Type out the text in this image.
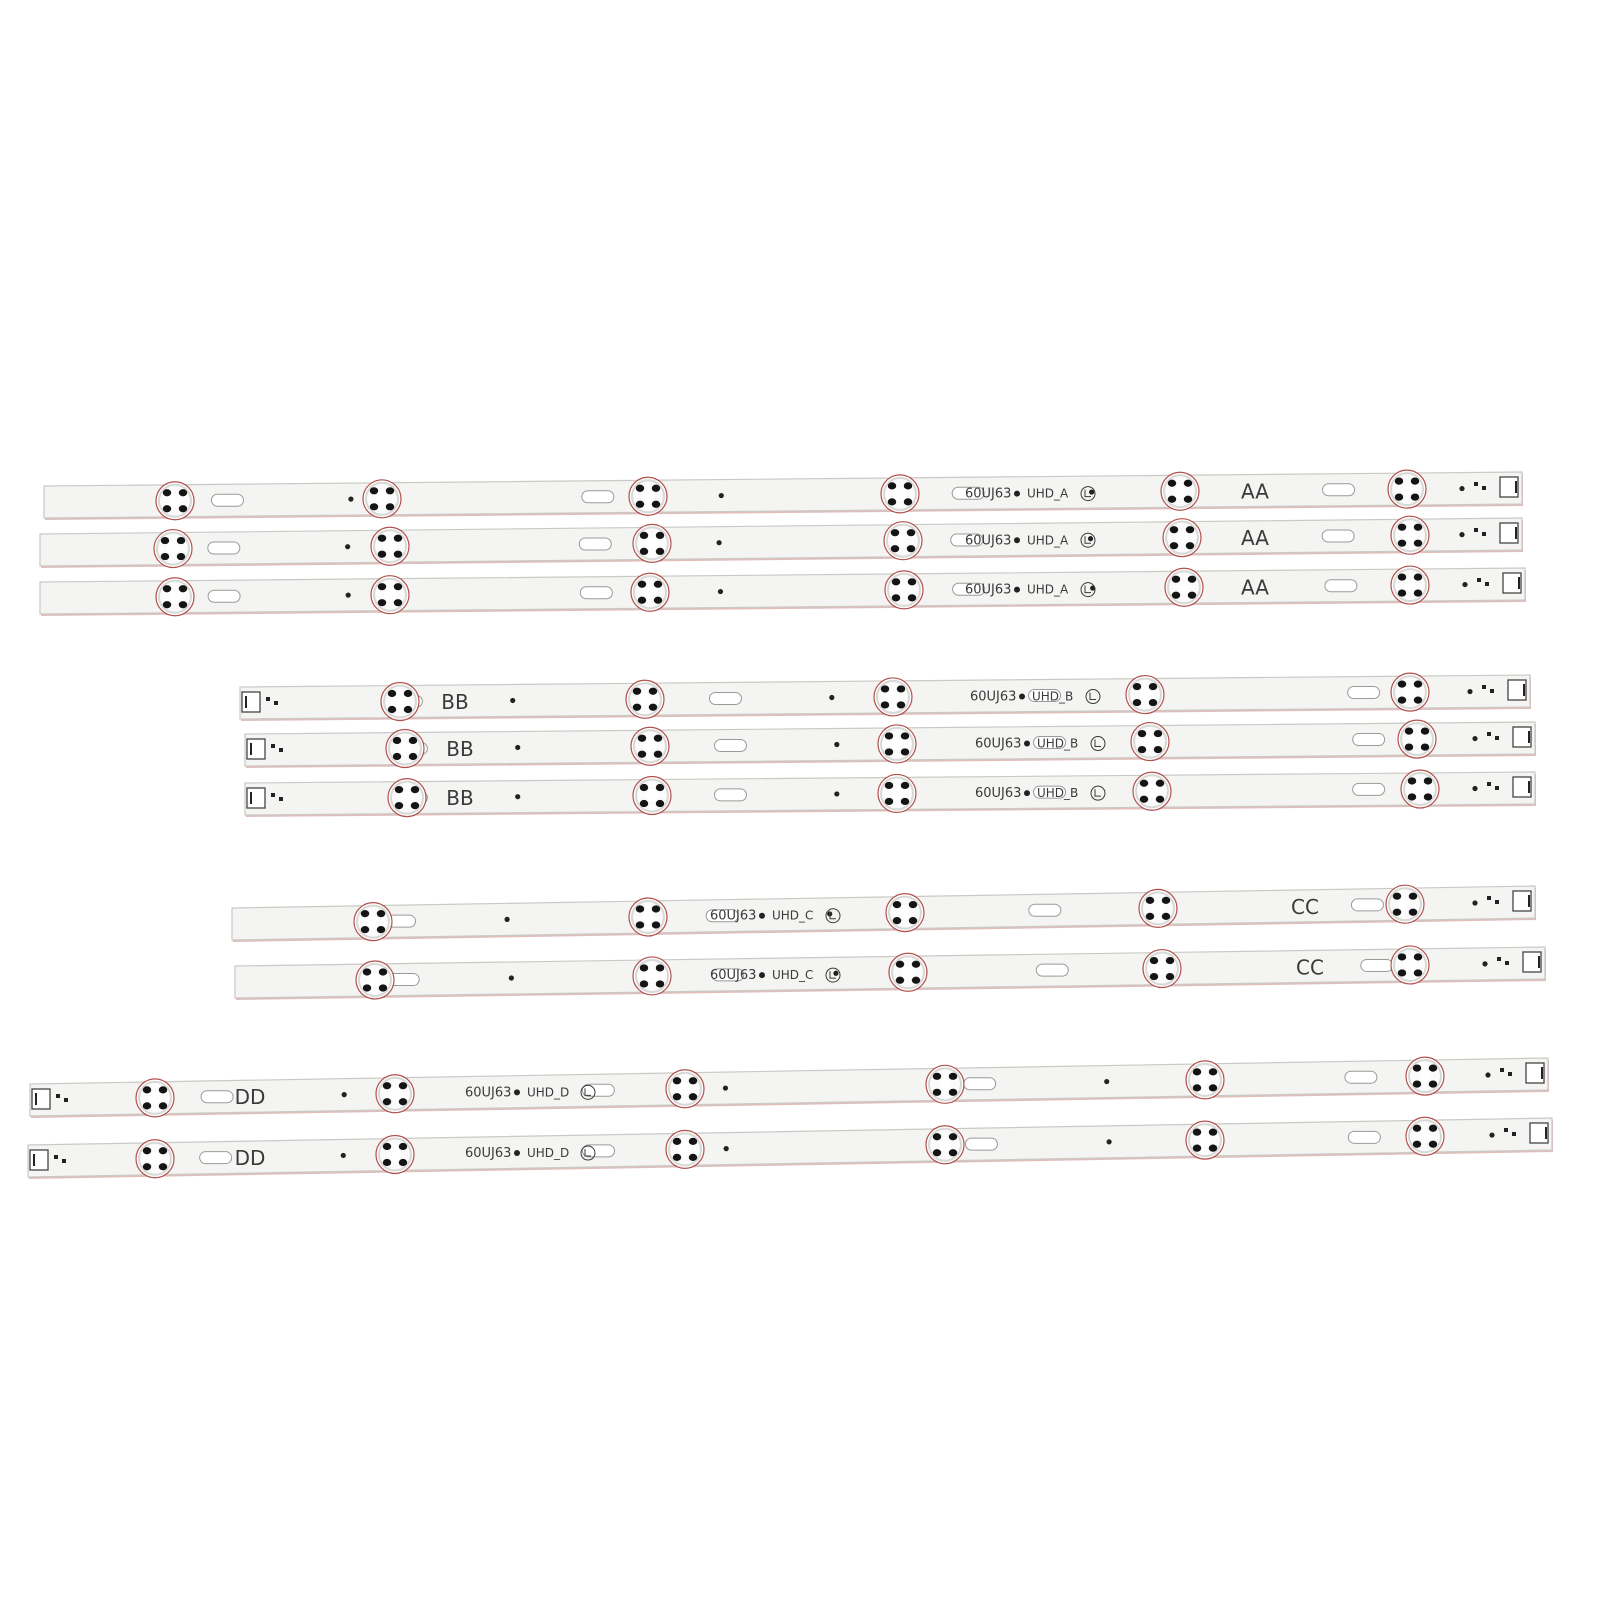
60UJ63 UHD_A	AA
60UJ63 UHD_A	AA
60UJ63 UHD_A	AA
60UJ63 UHD_B
BB
60UJ63 UHD_B
BB
60UJ63 UHD_B
BB
60UJ63 UHD_C	CC
60UJ63 UHD_C	CC
60UJ63 UHD_D
DD
60UJ63 UHD_D
DD
